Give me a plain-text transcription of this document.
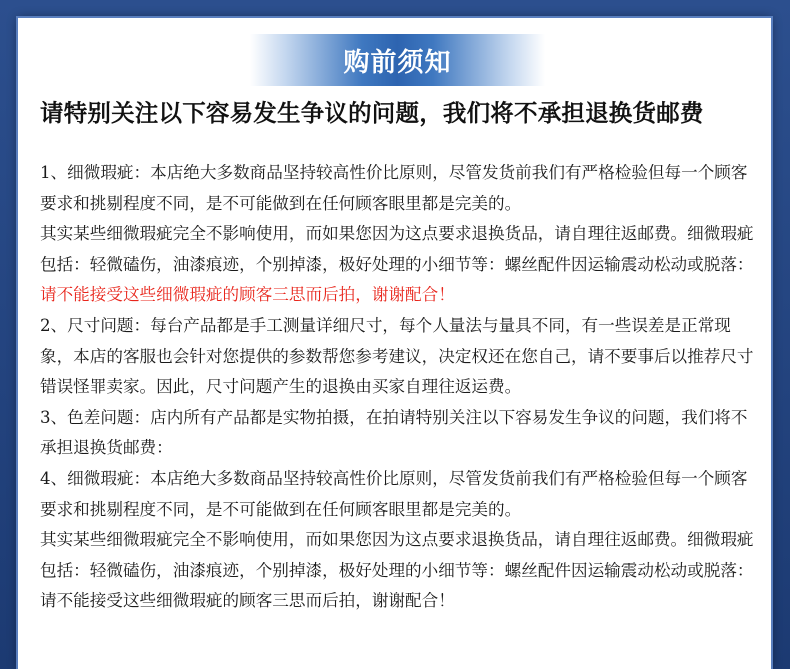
购前须知
请特别关注以下容易发生争议的问题，我们将不承担退换货邮费

1、细微瑕疵：本店绝大多数商品坚持较高性价比原则，尽管发货前我们有严格检验但每一个顾客要求和挑剔程度不同，是不可能做到在任何顾客眼里都是完美的。

其实某些细微瑕疵完全不影响使用，而如果您因为这点要求退换货品，请自理往返邮费。细微瑕疵包括：轻微磕伤，油漆痕迹，个别掉漆，极好处理的小细节等：螺丝配件因运输震动松动或脱落：请不能接受这些细微瑕疵的顾客三思而后拍，谢谢配合！

2、尺寸问题：每台产品都是手工测量详细尺寸，每个人量法与量具不同，有一些误差是正常现象，本店的客服也会针对您提供的参数帮您参考建议，决定权还在您自己，请不要事后以推荐尺寸错误怪罪卖家。因此，尺寸问题产生的退换由买家自理往返运费。

3、色差问题：店内所有产品都是实物拍摄，在拍请特别关注以下容易发生争议的问题，我们将不承担退换货邮费：

4、细微瑕疵：本店绝大多数商品坚持较高性价比原则，尽管发货前我们有严格检验但每一个顾客要求和挑剔程度不同，是不可能做到在任何顾客眼里都是完美的。

其实某些细微瑕疵完全不影响使用，而如果您因为这点要求退换货品，请自理往返邮费。细微瑕疵包括：轻微磕伤，油漆痕迹，个别掉漆，极好处理的小细节等：螺丝配件因运输震动松动或脱落：请不能接受这些细微瑕疵的顾客三思而后拍，谢谢配合！
